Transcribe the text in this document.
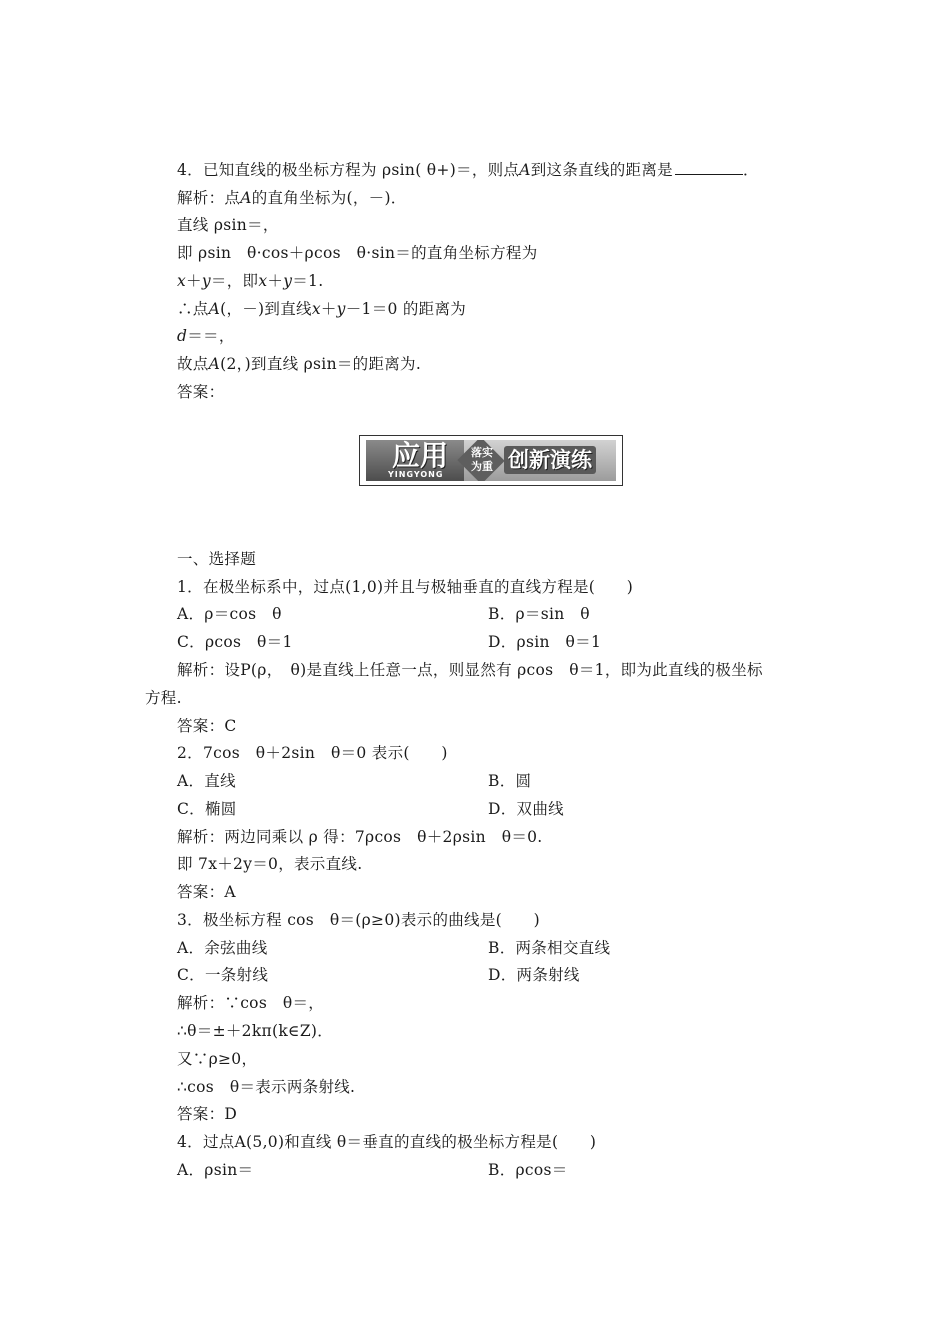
4．已知直线的极坐标方程为 ρsin( θ+)＝，则点A到这条直线的距离是	．
解析：点A的直角坐标为(，－)．
直线 ρsin＝，
即 ρsin　θ·cos＋ρcos　θ·sin＝的直角坐标方程为
x＋y＝，即x＋y＝1.
∴点A(，－)到直线x＋y－1＝0 的距离为
d＝＝，
故点A(2，)到直线 ρsin＝的距离为.
答案：
应用
YINGYONG
落实为重 创新演练
一、选择题
1．在极坐标系中，过点(1,0)并且与极轴垂直的直线方程是(　　)
A．ρ＝cos　θ	B．ρ＝sin　θ
C．ρcos　θ＝1	D．ρsin　θ＝1
解析：设P(ρ，　θ)是直线上任意一点，则显然有 ρcos　θ＝1，即为此直线的极坐标
方程.
答案：C
2．7cos　θ＋2sin　θ＝0 表示(　　)
A．直线	B．圆
C．椭圆	D．双曲线
解析：两边同乘以 ρ 得：7ρcos　θ＋2ρsin　θ＝0.
即 7x＋2y＝0，表示直线.
答案：A
3．极坐标方程 cos　θ＝(ρ≥0)表示的曲线是(　　)
A．余弦曲线	B．两条相交直线
C．一条射线	D．两条射线
解析：∵cos　θ＝，
∴θ＝±＋2kπ(k∈Z)．
又∵ρ≥0，
∴cos　θ＝表示两条射线.
答案：D
4．过点A(5,0)和直线 θ＝垂直的直线的极坐标方程是(　　)
A．ρsin＝	B．ρcos＝
